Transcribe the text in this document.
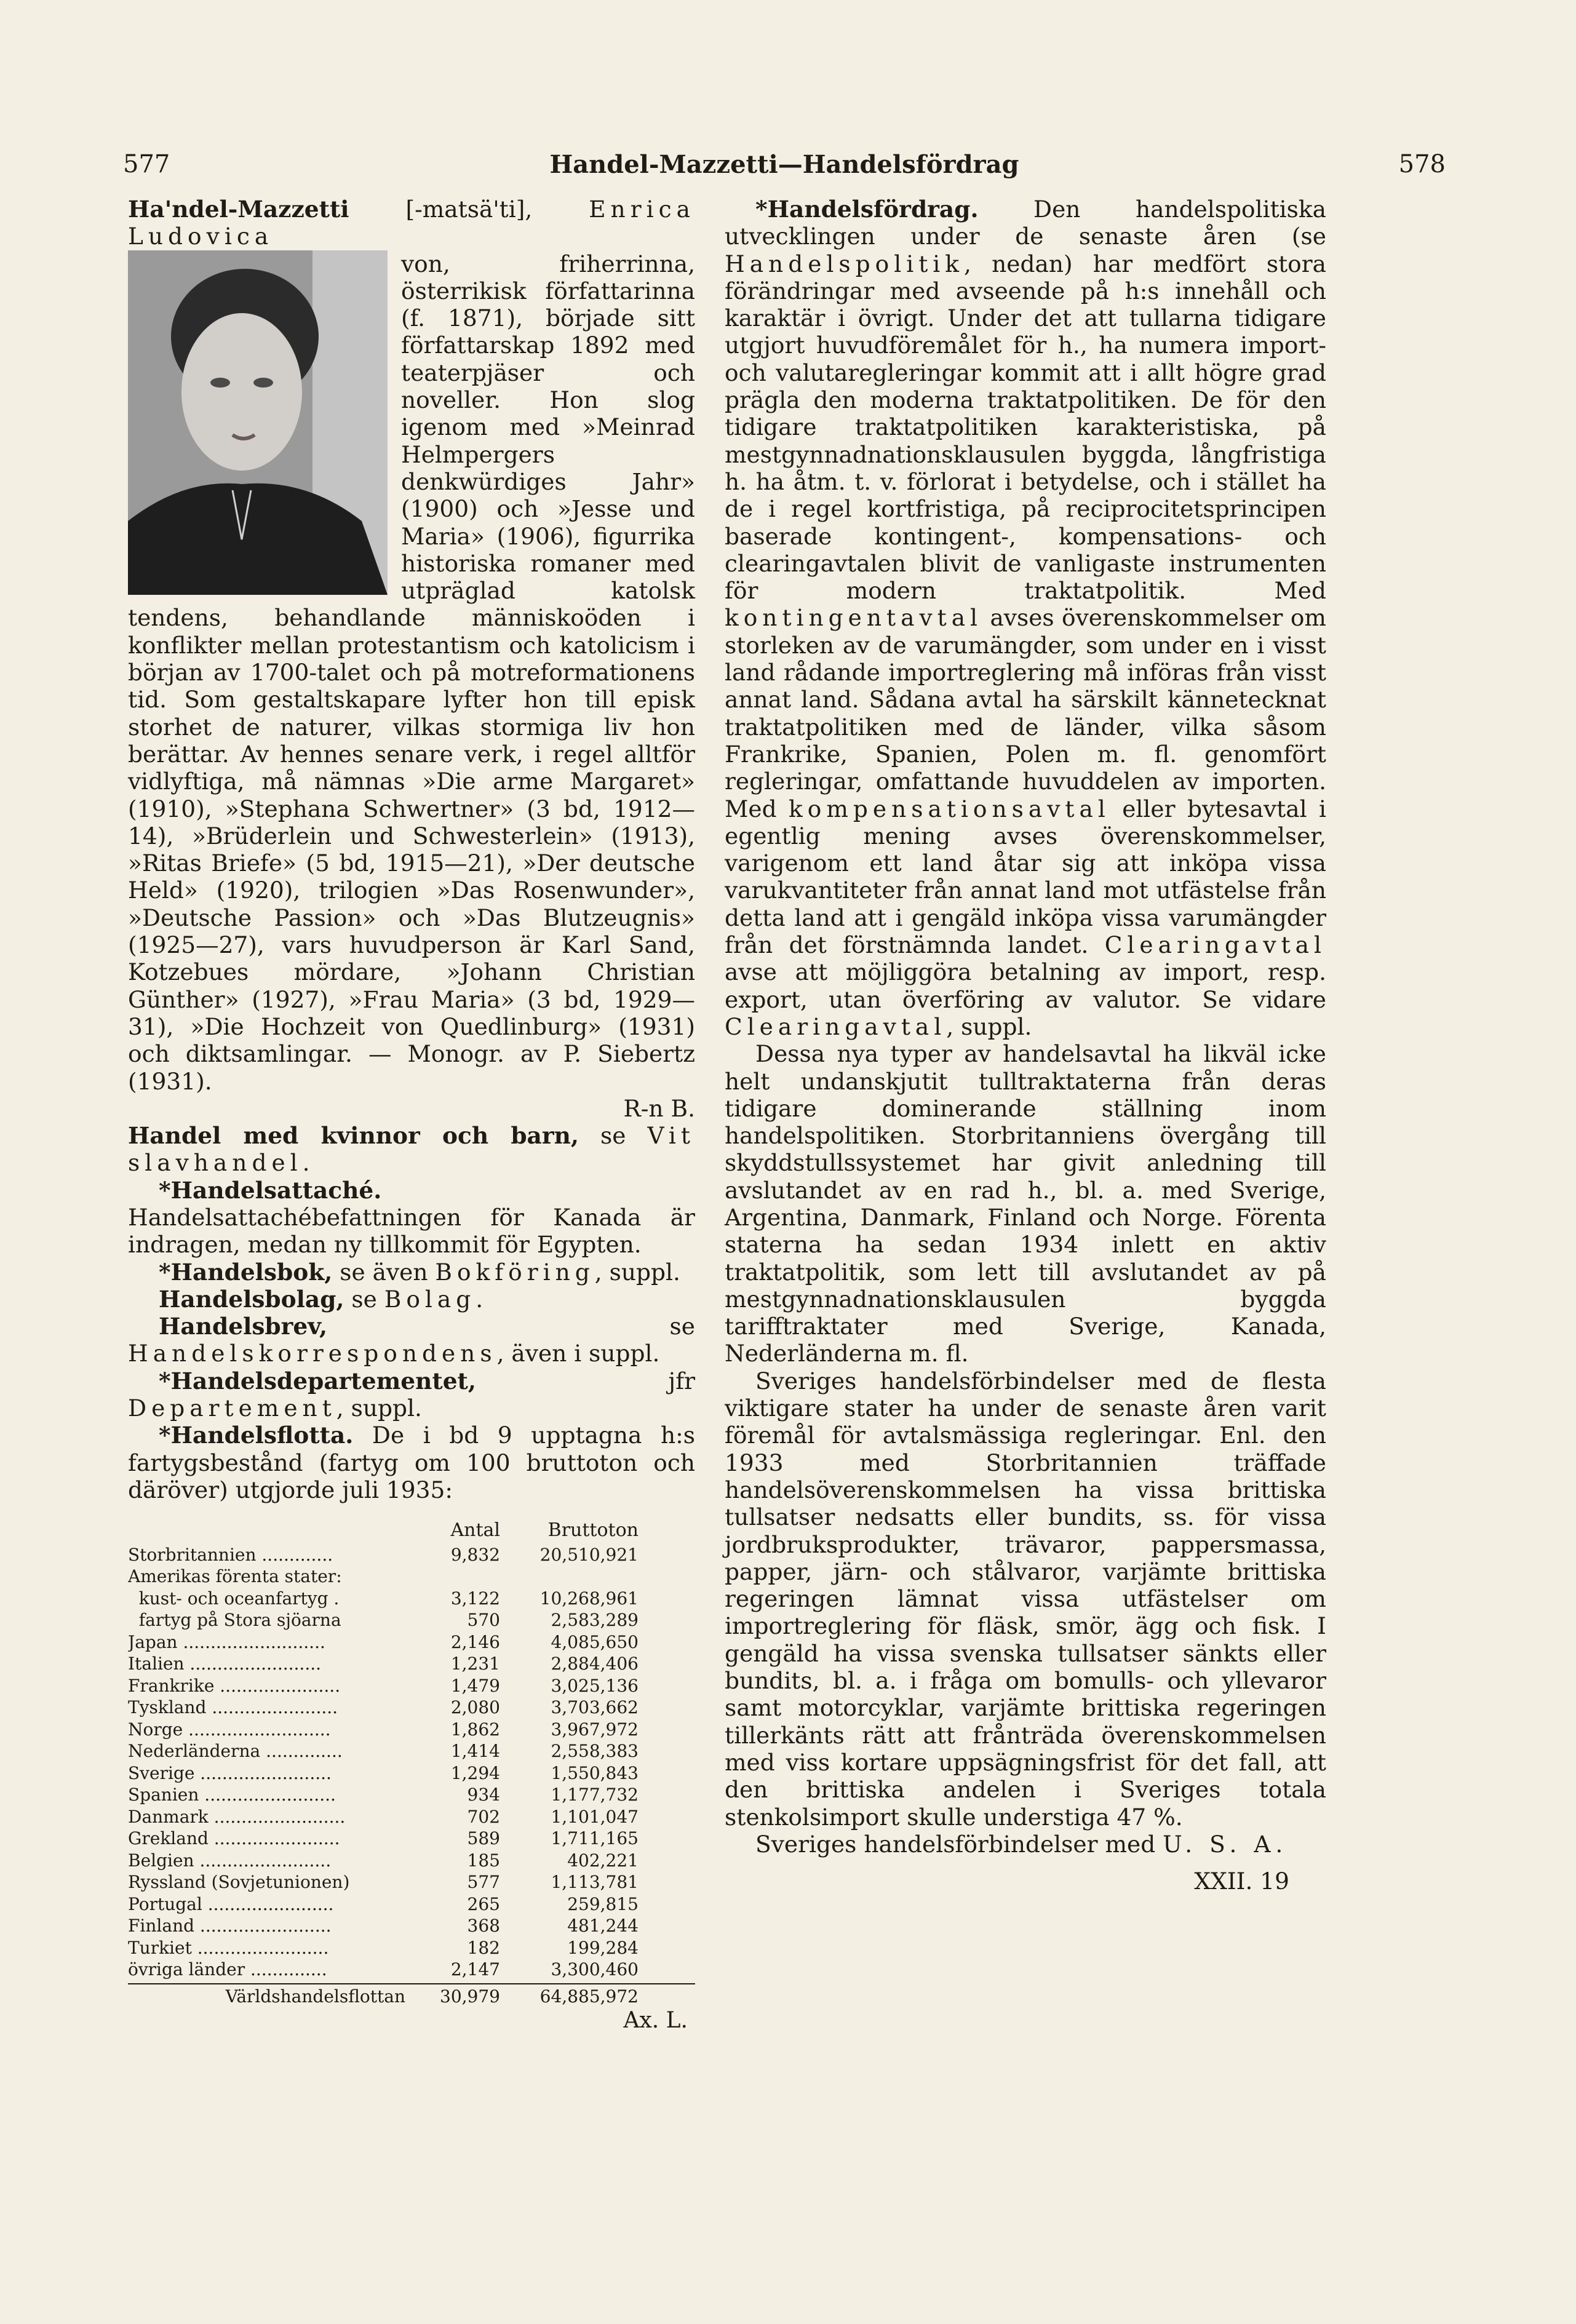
577	Handel-Mazzetti—Handelsfördrag	578

Ha'ndel-Mazzetti [-matsä'ti], Enrica Ludovica

von, friherrinna, österrikisk författarinna (f. 1871), började sitt författarskap 1892 med teaterpjäser och noveller. Hon slog igenom med »Meinrad Helmpergers denkwürdiges Jahr» (1900) och »Jesse und Maria» (1906), figurrika historiska romaner med utpräglad katolsk tendens, behandlande människoöden i konflikter mellan protestantism och katolicism i början av 1700-talet och på motreformationens tid. Som gestaltskapare lyfter hon till episk storhet de naturer, vilkas stormiga liv hon berättar. Av hennes senare verk, i regel alltför vidlyftiga, må nämnas »Die arme Margaret» (1910), »Stephana Schwertner» (3 bd, 1912—14), »Brüderlein und Schwesterlein» (1913), »Ritas Briefe» (5 bd, 1915—21), »Der deutsche Held» (1920), trilogien »Das Rosenwunder», »Deutsche Passion» och »Das Blutzeugnis» (1925—27), vars huvudperson är Karl Sand, Kotzebues mördare, »Johann Christian Günther» (1927), »Frau Maria» (3 bd, 1929—31), »Die Hochzeit von Quedlinburg» (1931) och diktsamlingar. — Monogr. av P. Siebertz (1931).

R-n B.

Handel med kvinnor och barn, se Vit slavhandel.

*Handelsattaché. Handelsattachébefattningen för Kanada är indragen, medan ny tillkommit för Egypten.

*Handelsbok, se även Bokföring, suppl.

Handelsbolag, se Bolag.

Handelsbrev, se Handelskorrespondens, även i suppl.

*Handelsdepartementet, jfr Departement, suppl.

*Handelsflotta. De i bd 9 upptagna h:s fartygsbestånd (fartyg om 100 bruttoton och däröver) utgjorde juli 1935:

Antal	Bruttoton
Storbritannien .............	9,832	20,510,921
Amerikas förenta stater:
kust- och oceanfartyg .	3,122	10,268,961
fartyg på Stora sjöarna	570	2,583,289
Japan ..........................	2,146	4,085,650
Italien ........................	1,231	2,884,406
Frankrike ......................	1,479	3,025,136
Tyskland .......................	2,080	3,703,662
Norge ..........................	1,862	3,967,972
Nederländerna ..............	1,414	2,558,383
Sverige ........................	1,294	1,550,843
Spanien ........................	934	1,177,732
Danmark ........................	702	1,101,047
Grekland .......................	589	1,711,165
Belgien ........................	185	402,221
Ryssland (Sovjetunionen)	577	1,113,781
Portugal .......................	265	259,815
Finland ........................	368	481,244
Turkiet ........................	182	199,284
övriga länder ..............	2,147	3,300,460
Världshandelsflottan	30,979	64,885,972
Ax. L.

*Handelsfördrag. Den handelspolitiska utvecklingen under de senaste åren (se Handelspolitik, nedan) har medfört stora förändringar med avseende på h:s innehåll och karaktär i övrigt. Under det att tullarna tidigare utgjort huvudföremålet för h., ha numera import- och valutaregleringar kommit att i allt högre grad prägla den moderna traktatpolitiken. De för den tidigare traktatpolitiken karakteristiska, på mestgynnadnationsklausulen byggda, långfristiga h. ha åtm. t. v. förlorat i betydelse, och i stället ha de i regel kortfristiga, på reciprocitetsprincipen baserade kontingent-, kompensations- och clearingavtalen blivit de vanligaste instrumenten för modern traktatpolitik. Med kontingentavtal avses överenskommelser om storleken av de varumängder, som under en i visst land rådande importreglering må införas från visst annat land. Sådana avtal ha särskilt kännetecknat traktatpolitiken med de länder, vilka såsom Frankrike, Spanien, Polen m. fl. genomfört regleringar, omfattande huvuddelen av importen. Med kompensationsavtal eller bytesavtal i egentlig mening avses överenskommelser, varigenom ett land åtar sig att inköpa vissa varukvantiteter från annat land mot utfästelse från detta land att i gengäld inköpa vissa varumängder från det förstnämnda landet. Clearingavtal avse att möjliggöra betalning av import, resp. export, utan överföring av valutor. Se vidare Clearingavtal, suppl.

Dessa nya typer av handelsavtal ha likväl icke helt undanskjutit tulltraktaterna från deras tidigare dominerande ställning inom handelspolitiken. Storbritanniens övergång till skyddstullssystemet har givit anledning till avslutandet av en rad h., bl. a. med Sverige, Argentina, Danmark, Finland och Norge. Förenta staterna ha sedan 1934 inlett en aktiv traktatpolitik, som lett till avslutandet av på mestgynnadnationsklausulen byggda tarifftraktater med Sverige, Kanada, Nederländerna m. fl.

Sveriges handelsförbindelser med de flesta viktigare stater ha under de senaste åren varit föremål för avtalsmässiga regleringar. Enl. den 1933 med Storbritannien träffade handelsöverenskommelsen ha vissa brittiska tullsatser nedsatts eller bundits, ss. för vissa jordbruksprodukter, trävaror, pappersmassa, papper, järn- och stålvaror, varjämte brittiska regeringen lämnat vissa utfästelser om importreglering för fläsk, smör, ägg och fisk. I gengäld ha vissa svenska tullsatser sänkts eller bundits, bl. a. i fråga om bomulls- och yllevaror samt motorcyklar, varjämte brittiska regeringen tillerkänts rätt att frånträda överenskommelsen med viss kortare uppsägningsfrist för det fall, att den brittiska andelen i Sveriges totala stenkolsimport skulle understiga 47 %.

Sveriges handelsförbindelser med U. S. A.

XXII. 19
